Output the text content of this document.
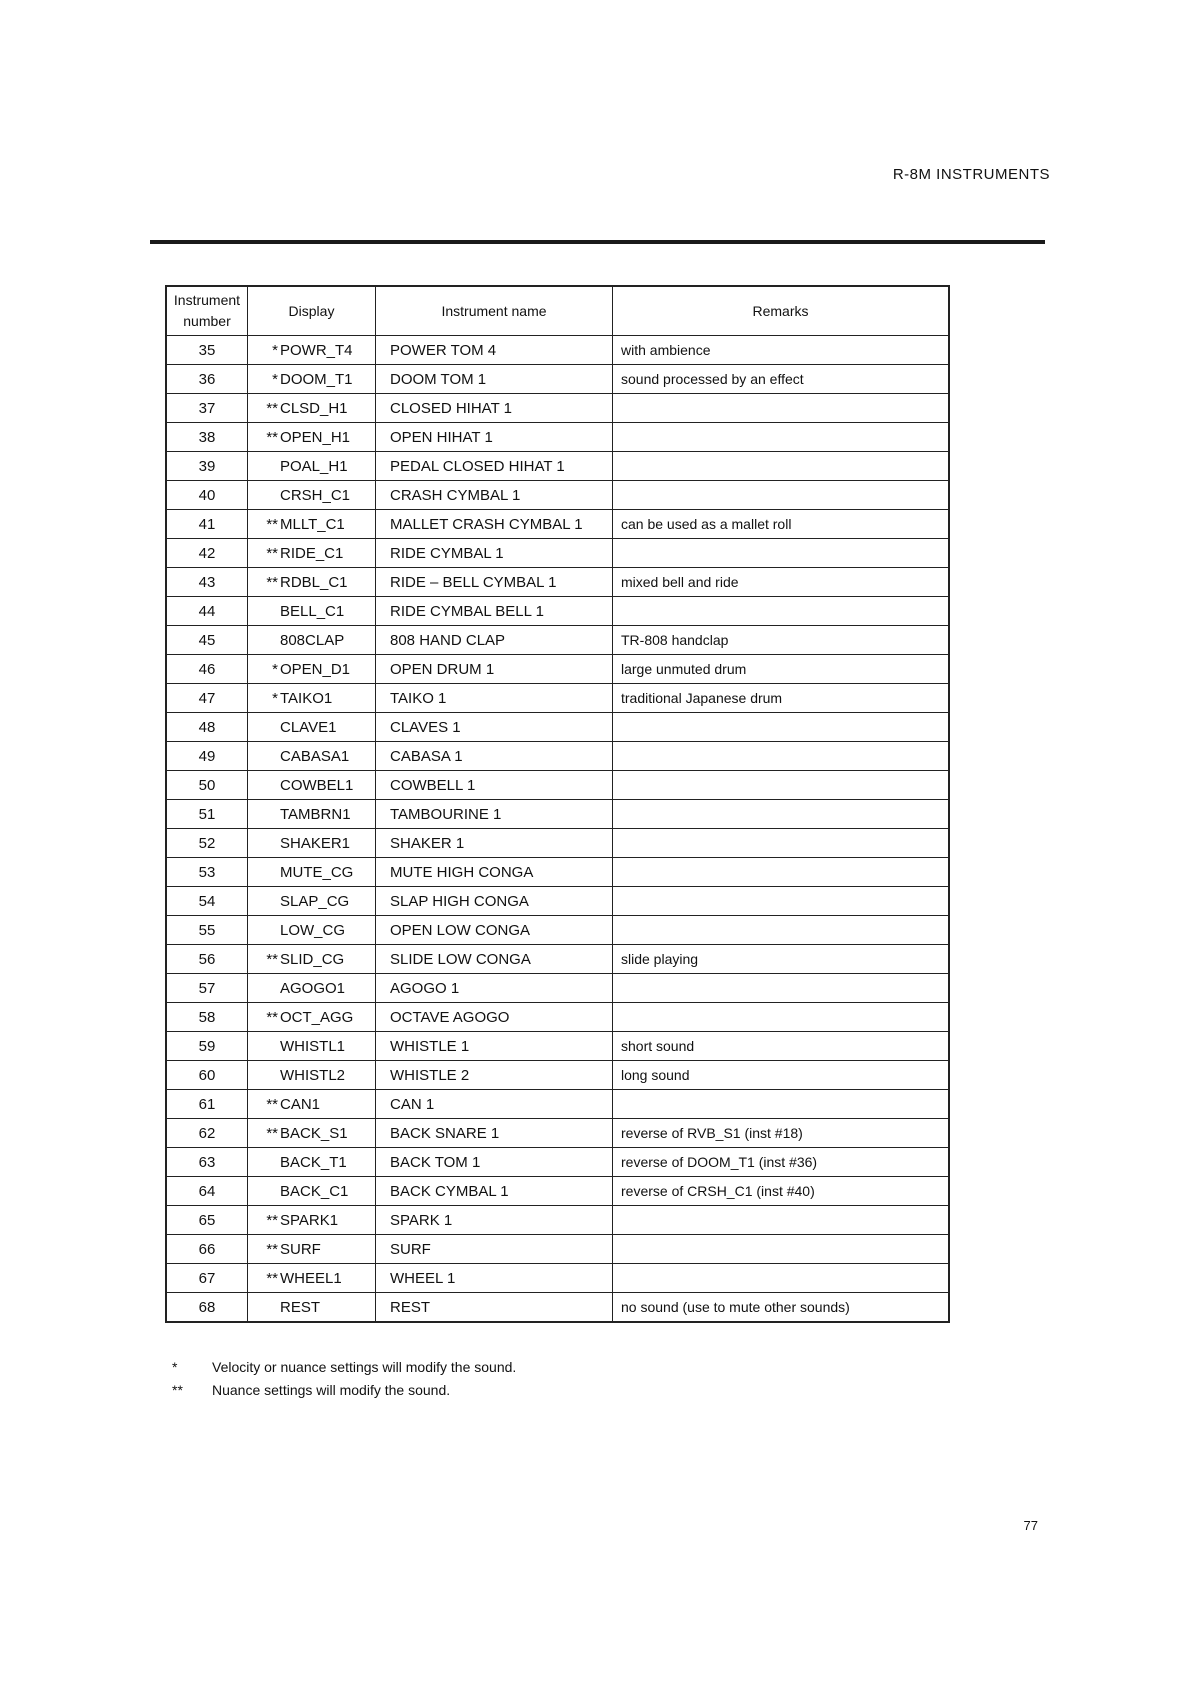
R-8M INSTRUMENTS
Instrument number	Display	Instrument name	Remarks
35	* POWR_T4	POWER TOM 4	with ambience
36	* DOOM_T1	DOOM TOM 1	sound processed by an effect
37	** CLSD_H1	CLOSED HIHAT 1	
38	** OPEN_H1	OPEN HIHAT 1	
39	POAL_H1	PEDAL CLOSED HIHAT 1	
40	CRSH_C1	CRASH CYMBAL 1	
41	** MLLT_C1	MALLET CRASH CYMBAL 1	can be used as a mallet roll
42	** RIDE_C1	RIDE CYMBAL 1	
43	** RDBL_C1	RIDE – BELL CYMBAL 1	mixed bell and ride
44	BELL_C1	RIDE CYMBAL BELL 1	
45	808CLAP	808 HAND CLAP	TR-808 handclap
46	* OPEN_D1	OPEN DRUM 1	large unmuted drum
47	* TAIKO1	TAIKO 1	traditional Japanese drum
48	CLAVE1	CLAVES 1	
49	CABASA1	CABASA 1	
50	COWBEL1	COWBELL 1	
51	TAMBRN1	TAMBOURINE 1	
52	SHAKER1	SHAKER 1	
53	MUTE_CG	MUTE HIGH CONGA	
54	SLAP_CG	SLAP HIGH CONGA	
55	LOW_CG	OPEN LOW CONGA	
56	** SLID_CG	SLIDE LOW CONGA	slide playing
57	AGOGO1	AGOGO 1	
58	** OCT_AGG	OCTAVE AGOGO	
59	WHISTL1	WHISTLE 1	short sound
60	WHISTL2	WHISTLE 2	long sound
61	** CAN1	CAN 1	
62	** BACK_S1	BACK SNARE 1	reverse of RVB_S1 (inst #18)
63	BACK_T1	BACK TOM 1	reverse of DOOM_T1 (inst #36)
64	BACK_C1	BACK CYMBAL 1	reverse of CRSH_C1 (inst #40)
65	** SPARK1	SPARK 1	
66	** SURF	SURF	
67	** WHEEL1	WHEEL 1	
68	REST	REST	no sound (use to mute other sounds)
* Velocity or nuance settings will modify the sound.
** Nuance settings will modify the sound.
77
